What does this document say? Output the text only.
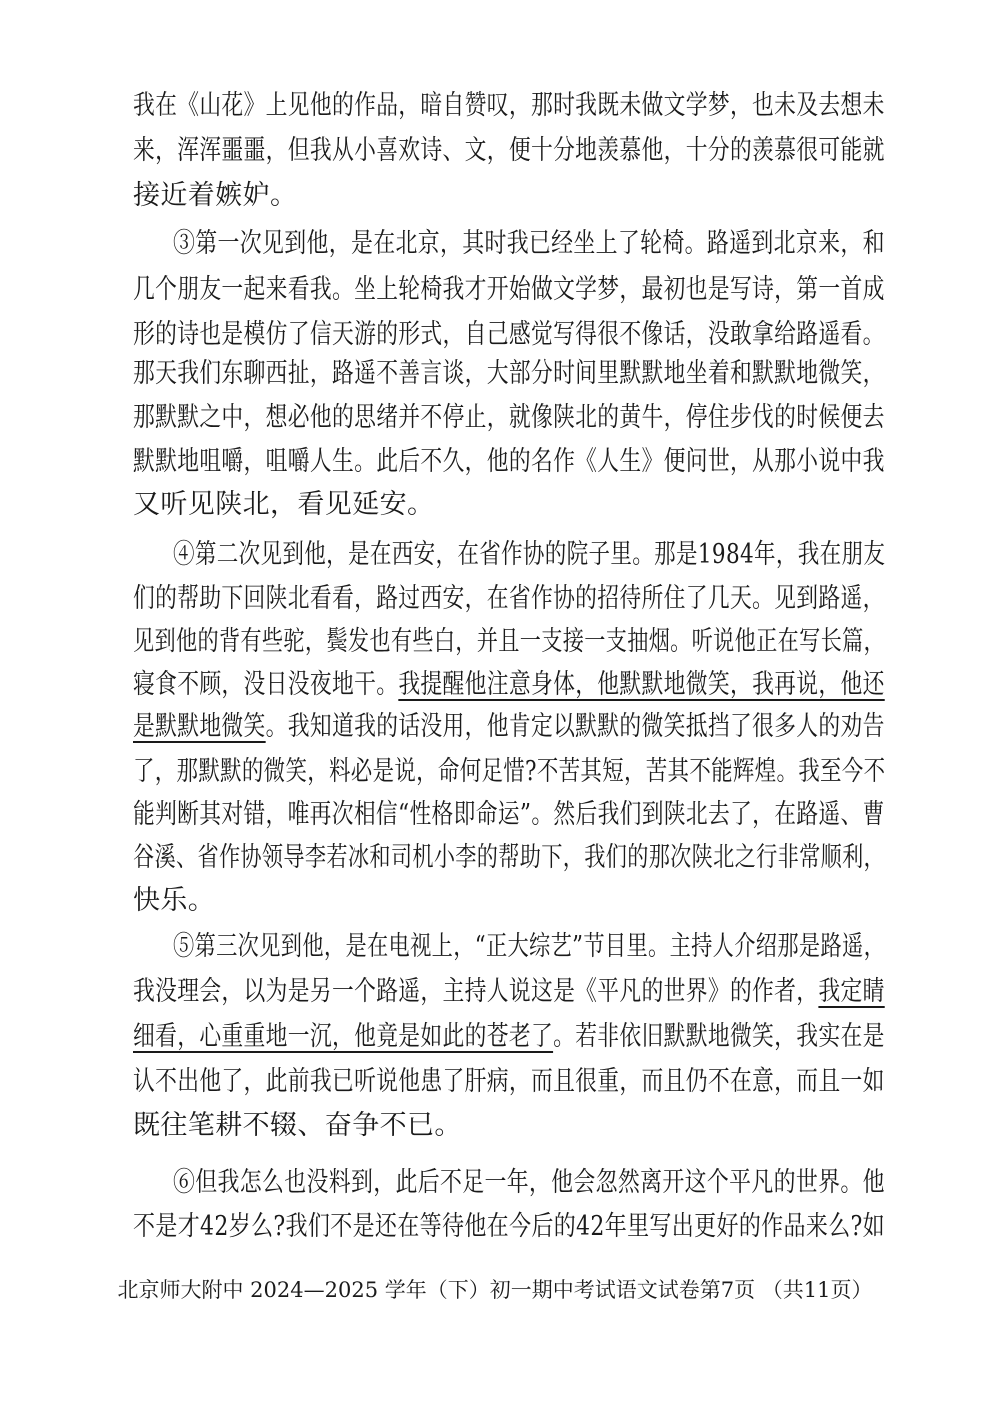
我在《山花》上见他的作品，暗自赞叹，那时我既未做文学梦，也未及去想未
来，浑浑噩噩，但我从小喜欢诗、文，便十分地羡慕他，十分的羡慕很可能就
接近着嫉妒。
③第一次见到他，是在北京，其时我已经坐上了轮椅。路遥到北京来，和
几个朋友一起来看我。坐上轮椅我才开始做文学梦，最初也是写诗，第一首成
形的诗也是模仿了信天游的形式，自己感觉写得很不像话，没敢拿给路遥看。
那天我们东聊西扯，路遥不善言谈，大部分时间里默默地坐着和默默地微笑，
那默默之中，想必他的思绪并不停止，就像陕北的黄牛，停住步伐的时候便去
默默地咀嚼，咀嚼人生。此后不久，他的名作《人生》便问世，从那小说中我
又听见陕北，看见延安。
④第二次见到他，是在西安，在省作协的院子里。那是1984年，我在朋友
们的帮助下回陕北看看，路过西安，在省作协的招待所住了几天。见到路遥，
见到他的背有些驼，鬓发也有些白，并且一支接一支抽烟。听说他正在写长篇，
寝食不顾，没日没夜地干。我提醒他注意身体，他默默地微笑，我再说，他还
是默默地微笑。我知道我的话没用，他肯定以默默的微笑抵挡了很多人的劝告
了，那默默的微笑，料必是说，命何足惜?不苦其短，苦其不能辉煌。我至今不
能判断其对错，唯再次相信“性格即命运”。然后我们到陕北去了，在路遥、曹
谷溪、省作协领导李若冰和司机小李的帮助下，我们的那次陕北之行非常顺利，
快乐。
⑤第三次见到他，是在电视上，“正大综艺”节目里。主持人介绍那是路遥，
我没理会，以为是另一个路遥，主持人说这是《平凡的世界》的作者，我定睛
细看，心重重地一沉，他竟是如此的苍老了。若非依旧默默地微笑，我实在是
认不出他了，此前我已听说他患了肝病，而且很重，而且仍不在意，而且一如
既往笔耕不辍、奋争不已。
⑥但我怎么也没料到，此后不足一年，他会忽然离开这个平凡的世界。他
不是才42岁么?我们不是还在等待他在今后的42年里写出更好的作品来么?如
北京师大附中 2024—2025 学年（下）初一期中考试语文试卷第7页 （共11页）
